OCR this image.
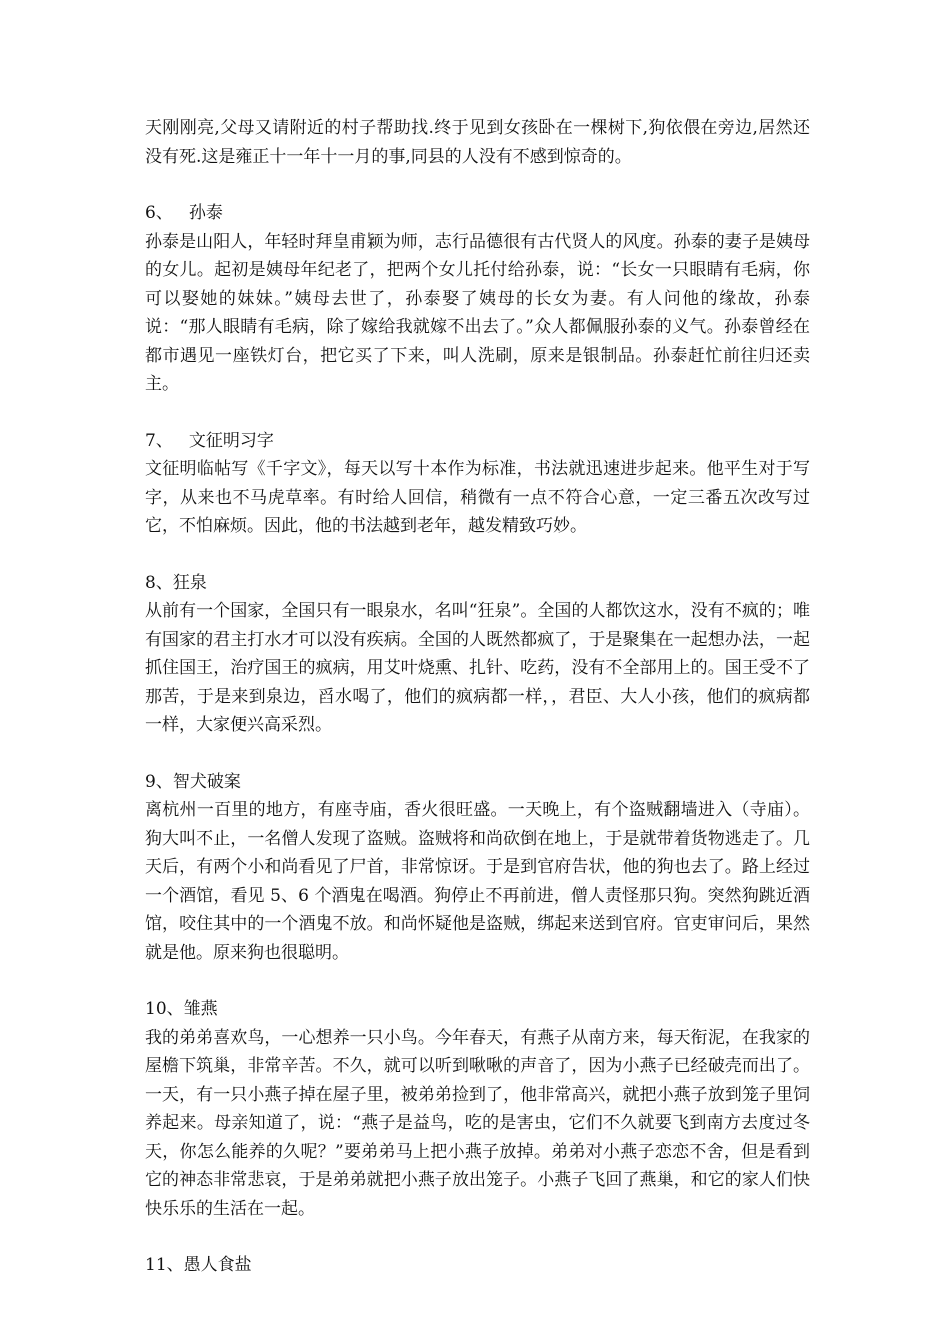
天刚刚亮,父母又请附近的村子帮助找.终于见到女孩卧在一棵树下,狗依偎在旁边,居然还没有死.这是雍正十一年十一月的事,同县的人没有不感到惊奇的。

6、 孙泰

孙泰是山阳人，年轻时拜皇甫颖为师，志行品德很有古代贤人的风度。孙泰的妻子是姨母的女儿。起初是姨母年纪老了，把两个女儿托付给孙泰，说：“长女一只眼睛有毛病，你可以娶她的妹妹。”姨母去世了，孙泰娶了姨母的长女为妻。有人问他的缘故，孙泰说：“那人眼睛有毛病，除了嫁给我就嫁不出去了。”众人都佩服孙泰的义气。孙泰曾经在都市遇见一座铁灯台，把它买了下来，叫人洗刷，原来是银制品。孙泰赶忙前往归还卖主。

7、 文征明习字

文征明临帖写《千字文》，每天以写十本作为标准，书法就迅速进步起来。他平生对于写字，从来也不马虎草率。有时给人回信，稍微有一点不符合心意，一定三番五次改写过它，不怕麻烦。因此，他的书法越到老年，越发精致巧妙。

8、狂泉

从前有一个国家，全国只有一眼泉水，名叫“狂泉”。全国的人都饮这水，没有不疯的；唯有国家的君主打水才可以没有疾病。全国的人既然都疯了，于是聚集在一起想办法，一起抓住国王，治疗国王的疯病，用艾叶烧熏、扎针、吃药，没有不全部用上的。国王受不了那苦，于是来到泉边，舀水喝了，他们的疯病都一样，，君臣、大人小孩，他们的疯病都一样，大家便兴高采烈。

9、智犬破案

离杭州一百里的地方，有座寺庙，香火很旺盛。一天晚上，有个盗贼翻墙进入（寺庙）。狗大叫不止，一名僧人发现了盗贼。盗贼将和尚砍倒在地上，于是就带着货物逃走了。几天后，有两个小和尚看见了尸首，非常惊讶。于是到官府告状，他的狗也去了。路上经过一个酒馆，看见 5、6 个酒鬼在喝酒。狗停止不再前进，僧人责怪那只狗。突然狗跳近酒馆，咬住其中的一个酒鬼不放。和尚怀疑他是盗贼，绑起来送到官府。官吏审问后，果然就是他。原来狗也很聪明。

10、雏燕

我的弟弟喜欢鸟，一心想养一只小鸟。今年春天，有燕子从南方来，每天衔泥，在我家的屋檐下筑巢，非常辛苦。不久，就可以听到啾啾的声音了，因为小燕子已经破壳而出了。一天，有一只小燕子掉在屋子里，被弟弟捡到了，他非常高兴，就把小燕子放到笼子里饲养起来。母亲知道了，说：“燕子是益鸟，吃的是害虫，它们不久就要飞到南方去度过冬天，你怎么能养的久呢？”要弟弟马上把小燕子放掉。弟弟对小燕子恋恋不舍，但是看到它的神态非常悲哀，于是弟弟就把小燕子放出笼子。小燕子飞回了燕巢，和它的家人们快快乐乐的生活在一起。

11、愚人食盐
